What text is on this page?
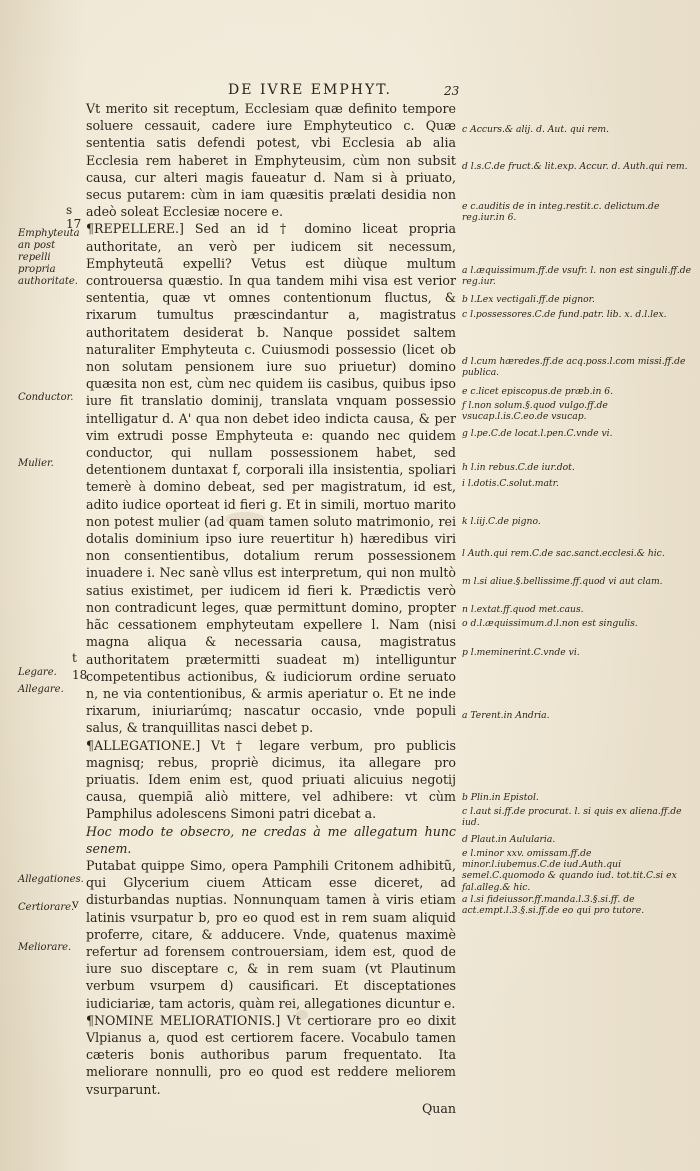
DE IVRE EMPHYT.	23

Vt merito sit receptum, Ecclesiam quæ definito tempore soluere cessauit, cadere iure Emphyteutico c. Quæ sententia satis defendi potest, vbi Ecclesia ab alia Ecclesia rem haberet in Emphyteusim, cùm non subsit causa, cur alteri magis faueatur d. Nam si à priuato, secus putarem: cùm in iam quæsitis prælati desidia non adeò soleat Ecclesiæ nocere e.

¶REPELLERE.] Sed an id † domino liceat propria authoritate, an verò per iudicem sit necessum, Emphyteutã expelli? Vetus est diùque multum controuersa quæstio. In qua tandem mihi visa est verior sententia, quæ vt omnes contentionum fluctus, & rixarum tumultus præscindantur a, magistratus authoritatem desiderat b. Nanque possidet saltem naturaliter Emphyteuta c. Cuiusmodi possessio (licet ob non solutam pensionem iure suo priuetur) domino quæsita non est, cùm nec quidem iis casibus, quibus ipso iure fit translatio dominij, translata vnquam possessio intelligatur d. A' qua non debet ideo indicta causa, & per vim extrudi posse Emphyteuta e: quando nec quidem conductor, qui nullam possessionem habet, sed detentionem duntaxat f, corporali illa insistentia, spoliari temerè à domino debeat, sed per magistratum, id est, adito iudice oporteat id fieri g. Et in simili, mortuo marito non potest mulier (ad quam tamen soluto matrimonio, rei dotalis dominium ipso iure reuertitur h) hæredibus viri non consentientibus, dotalium rerum possessionem inuadere i. Nec sanè vllus est interpretum, qui non multò satius existimet, per iudicem id fieri k. Prædictis verò non contradicunt leges, quæ permittunt domino, propter hãc cessationem emphyteutam expellere l. Nam (nisi magna aliqua & necessaria causa, magistratus authoritatem prætermitti suadeat m) intelliguntur competentibus actionibus, & iudiciorum ordine seruato n, ne via contentionibus, & armis aperiatur o. Et ne inde rixarum, iniuriarúmq; nascatur occasio, vnde populi salus, & tranquillitas nasci debet p.

¶ALLEGATIONE.] Vt † legare verbum, pro publicis magnisq; rebus, propriè dicimus, ita allegare pro priuatis. Idem enim est, quod priuati alicuius negotij causa, quempiã aliò mittere, vel adhibere: vt cùm Pamphilus adolescens Simoni patri dicebat a.

Hoc modo te obsecro, ne credas à me allegatum hunc senem.

Putabat quippe Simo, opera Pamphili Critonem adhibitũ, qui Glycerium ciuem Atticam esse diceret, ad disturbandas nuptias. Nonnunquam tamen à viris etiam latinis vsurpatur b, pro eo quod est in rem suam aliquid proferre, citare, & adducere. Vnde, quatenus maximè refertur ad forensem controuersiam, idem est, quod de iure suo disceptare c, & in rem suam (vt Plautinum verbum vsurpem d) causificari. Et disceptationes iudiciariæ, tam actoris, quàm rei, allegationes dicuntur e.

¶NOMINE MELIORATIONIS.] Vt certiorare pro eo dixit Vlpianus a, quod est certiorem facere. Vocabulo tamen cæteris bonis authoribus parum frequentato. Ita meliorare nonnulli, pro eo quod est reddere meliorem vsurparunt.

Quan

Emphyteuta an post repelli propria authoritate.
Conductor.
Mulier.
Legare.
Allegare.
Allegationes.
Certiorare.
Meliorare.
s 17
t
18
v
c Accurs.& alij. d. Aut. qui rem.
d l.s.C.de fruct.& lit.exp. Accur. d. Auth.qui rem.
e c.auditis de in integ.restit.c. delictum.de reg.iur.in 6.
a l.æquissimum.ff.de vsufr. l. non est singuli.ff.de reg.iur.
b l.Lex vectigali.ff.de pignor.
c l.possessores.C.de fund.patr. lib. x. d.l.lex.
d l.cum hæredes.ff.de acq.poss.l.com missi.ff.de publica.
e c.licet episcopus.de præb.in 6.
f l.non solum.§.quod vulgo.ff.de vsucap.l.is.C.eo.de vsucap.
g l.pe.C.de locat.l.pen.C.vnde vi.
h l.in rebus.C.de iur.dot.
i l.dotis.C.solut.matr.
k l.iij.C.de pigno.
l Auth.qui rem.C.de sac.sanct.ecclesi.& hic.
m l.si aliue.§.bellissime.ff.quod vi aut clam.
n l.extat.ff.quod met.caus.
o d.l.æquissimum.d.l.non est singulis.
p l.meminerint.C.vnde vi.
a Terent.in Andria.
b Plin.in Epistol.
c l.aut si.ff.de procurat. l. si quis ex aliena.ff.de iud.
d Plaut.in Aulularia.
e l.minor xxv. omissam.ff.de minor.l.iubemus.C.de iud.Auth.qui semel.C.quomodo & quando iud. tot.tit.C.si ex fal.alleg.& hic.
a l.si fideiussor.ff.manda.l.3.§.si.ff. de act.empt.l.3.§.si.ff.de eo qui pro tutore.
